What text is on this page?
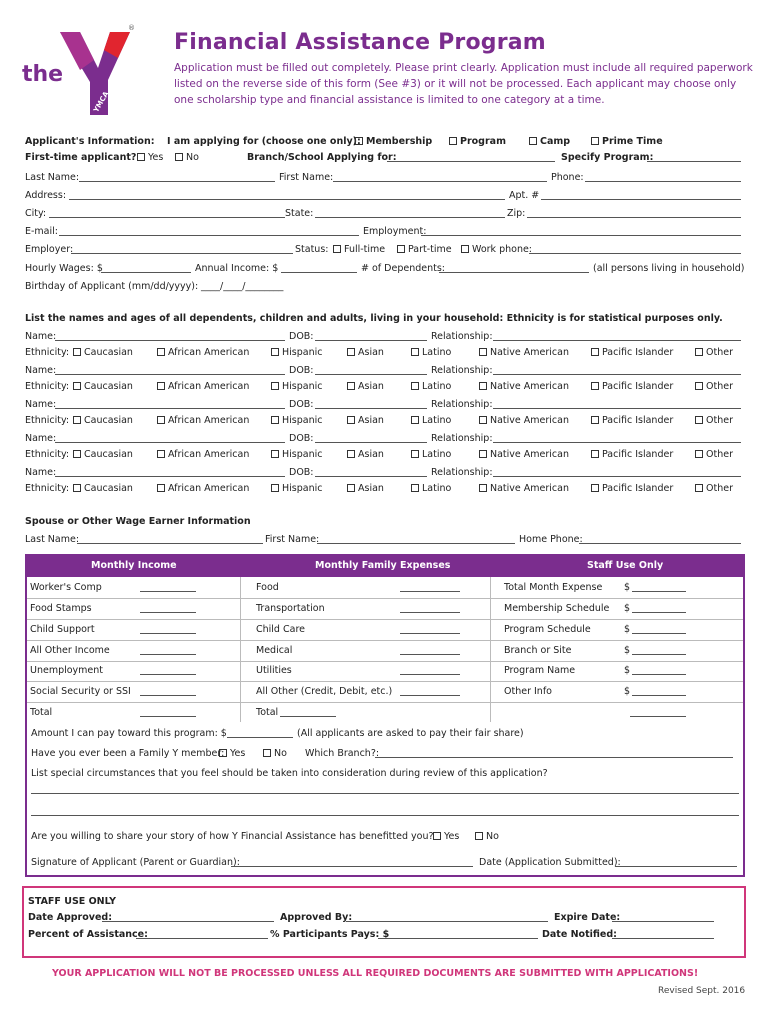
the
YMCA
®
Financial Assistance Program
Application must be filled out completely. Please print clearly. Application must include all required paperwork listed on the reverse side of this form (See #3) or it will not be processed. Each applicant may choose only one scholarship type and financial assistance is limited to one category at a time.
Applicant's Information: I am applying for (choose one only): Membership	Program	Camp	Prime Time
First-time applicant?	Yes	No	Branch/School Applying for:	Specify Program:
Last Name:	First Name:	Phone:
Address:	Apt. #
City:	State:	Zip:
E-mail:	Employment:
Employer:	Status:	Full-time	Part-time	Work phone:
Hourly Wages: $	Annual Income: $	# of Dependents:	(all persons living in household)
Birthday of Applicant (mm/dd/yyyy): ____/____/________
List the names and ages of all dependents, children and adults, living in your household: Ethnicity is for statistical purposes only.
Name:	DOB:	Relationship:
Ethnicity:	Caucasian	African American	Hispanic	Asian	Latino	Native American	Pacific Islander	Other
Name:	DOB:	Relationship:
Ethnicity:	Caucasian	African American	Hispanic	Asian	Latino	Native American	Pacific Islander	Other
Name:	DOB:	Relationship:
Ethnicity:	Caucasian	African American	Hispanic	Asian	Latino	Native American	Pacific Islander	Other
Name:	DOB:	Relationship:
Ethnicity:	Caucasian	African American	Hispanic	Asian	Latino	Native American	Pacific Islander	Other
Name:	DOB:	Relationship:
Ethnicity:	Caucasian	African American	Hispanic	Asian	Latino	Native American	Pacific Islander	Other
Spouse or Other Wage Earner Information
Last Name:	First Name:	Home Phone:
Monthly Income	Monthly Family Expenses	Staff Use Only
Worker's Comp	Food	Total Month Expense $
Food Stamps	Transportation	Membership Schedule $
Child Support	Child Care	Program Schedule	$
All Other Income	Medical	Branch or Site	$
Unemployment	Utilities	Program Name	$
Social Security or SSI	All Other (Credit, Debit, etc.)	Other Info	$
Total	Total
Amount I can pay toward this program: $	(All applicants are asked to pay their fair share)
Have you ever been a Family Y member: Yes	No Which Branch?:
List special circumstances that you feel should be taken into consideration during review of this application?
Are you willing to share your story of how Y Financial Assistance has benefitted you?	Yes	No
Signature of Applicant (Parent or Guardian):	Date (Application Submitted):
STAFF USE ONLY
Date Approved:	Approved By:	Expire Date:
Percent of Assistance:	% Participants Pays: $	Date Notified:
YOUR APPLICATION WILL NOT BE PROCESSED UNLESS ALL REQUIRED DOCUMENTS ARE SUBMITTED WITH APPLICATIONS!
Revised Sept. 2016
